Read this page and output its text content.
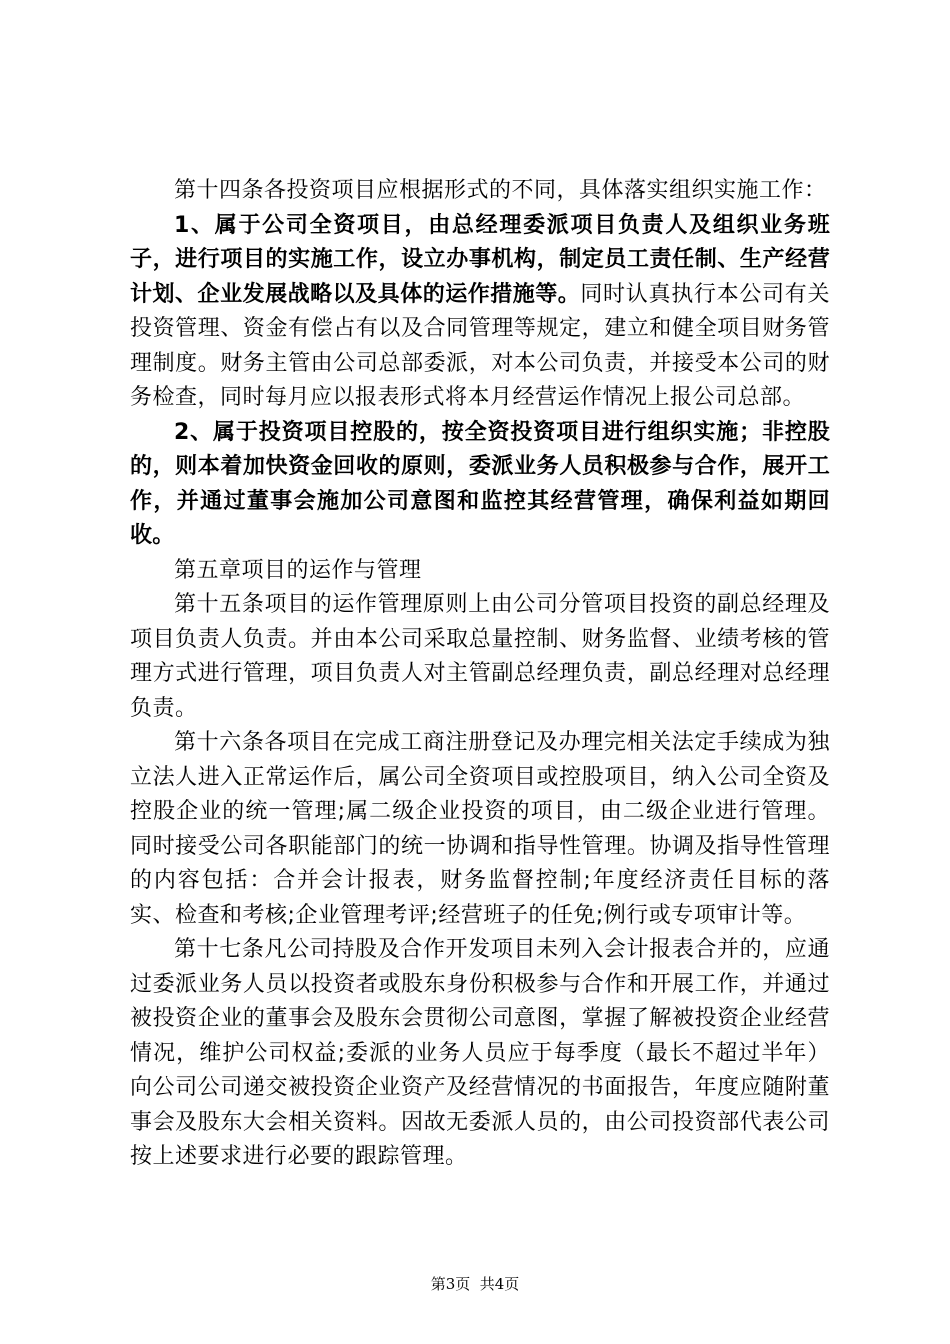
第十四条各投资项目应根据形式的不同，具体落实组织实施工作：

1、属于公司全资项目，由总经理委派项目负责人及组织业务班子，进行项目的实施工作，设立办事机构，制定员工责任制、生产经营计划、企业发展战略以及具体的运作措施等。同时认真执行本公司有关投资管理、资金有偿占有以及合同管理等规定，建立和健全项目财务管理制度。财务主管由公司总部委派，对本公司负责，并接受本公司的财务检查，同时每月应以报表形式将本月经营运作情况上报公司总部。

2、属于投资项目控股的，按全资投资项目进行组织实施；非控股的，则本着加快资金回收的原则，委派业务人员积极参与合作，展开工作，并通过董事会施加公司意图和监控其经营管理，确保利益如期回收。

第五章项目的运作与管理

第十五条项目的运作管理原则上由公司分管项目投资的副总经理及项目负责人负责。并由本公司采取总量控制、财务监督、业绩考核的管理方式进行管理，项目负责人对主管副总经理负责，副总经理对总经理负责。

第十六条各项目在完成工商注册登记及办理完相关法定手续成为独立法人进入正常运作后，属公司全资项目或控股项目，纳入公司全资及控股企业的统一管理;属二级企业投资的项目，由二级企业进行管理。同时接受公司各职能部门的统一协调和指导性管理。协调及指导性管理的内容包括：合并会计报表，财务监督控制;年度经济责任目标的落实、检查和考核;企业管理考评;经营班子的任免;例行或专项审计等。

第十七条凡公司持股及合作开发项目未列入会计报表合并的，应通过委派业务人员以投资者或股东身份积极参与合作和开展工作，并通过被投资企业的董事会及股东会贯彻公司意图，掌握了解被投资企业经营情况，维护公司权益;委派的业务人员应于每季度（最长不超过半年）向公司公司递交被投资企业资产及经营情况的书面报告，年度应随附董事会及股东大会相关资料。因故无委派人员的，由公司投资部代表公司按上述要求进行必要的跟踪管理。

第3页  共4页
